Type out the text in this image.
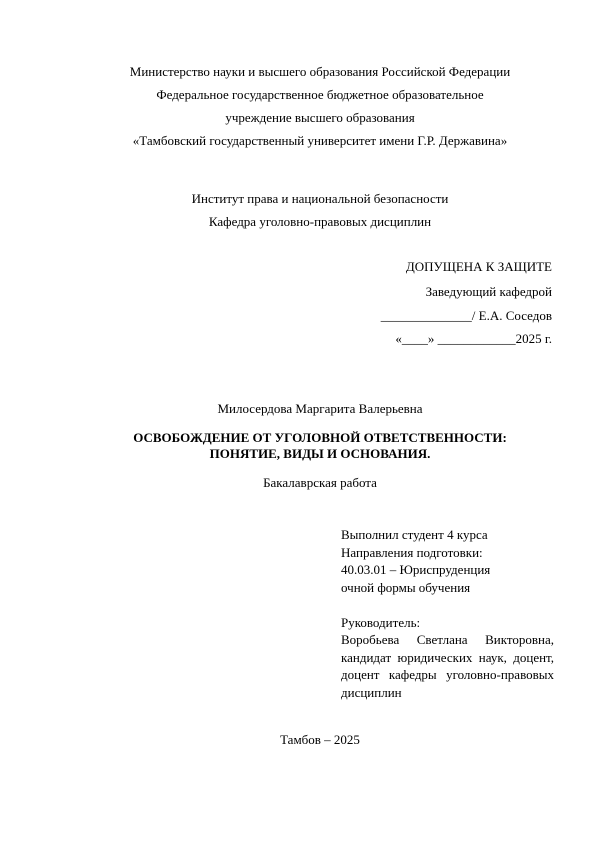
Министерство науки и высшего образования Российской Федерации
Федеральное государственное бюджетное образовательное
учреждение высшего образования
«Тамбовский государственный университет имени Г.Р. Державина»
Институт права и национальной безопасности
Кафедра уголовно-правовых дисциплин
ДОПУЩЕНА К ЗАЩИТЕ
Заведующий кафедрой
______________/ Е.А. Соседов
«____» ____________2025 г.
Милосердова Маргарита Валерьевна
ОСВОБОЖДЕНИЕ ОТ УГОЛОВНОЙ ОТВЕТСТВЕННОСТИ:
ПОНЯТИЕ, ВИДЫ И ОСНОВАНИЯ.
Бакалаврская работа
Выполнил студент 4 курса
Направления подготовки:
40.03.01 – Юриспруденция
очной формы обучения
Руководитель:
Воробьева Светлана Викторовна, кандидат юридических наук, доцент, доцент кафедры уголовно-правовых дисциплин
Тамбов – 2025
